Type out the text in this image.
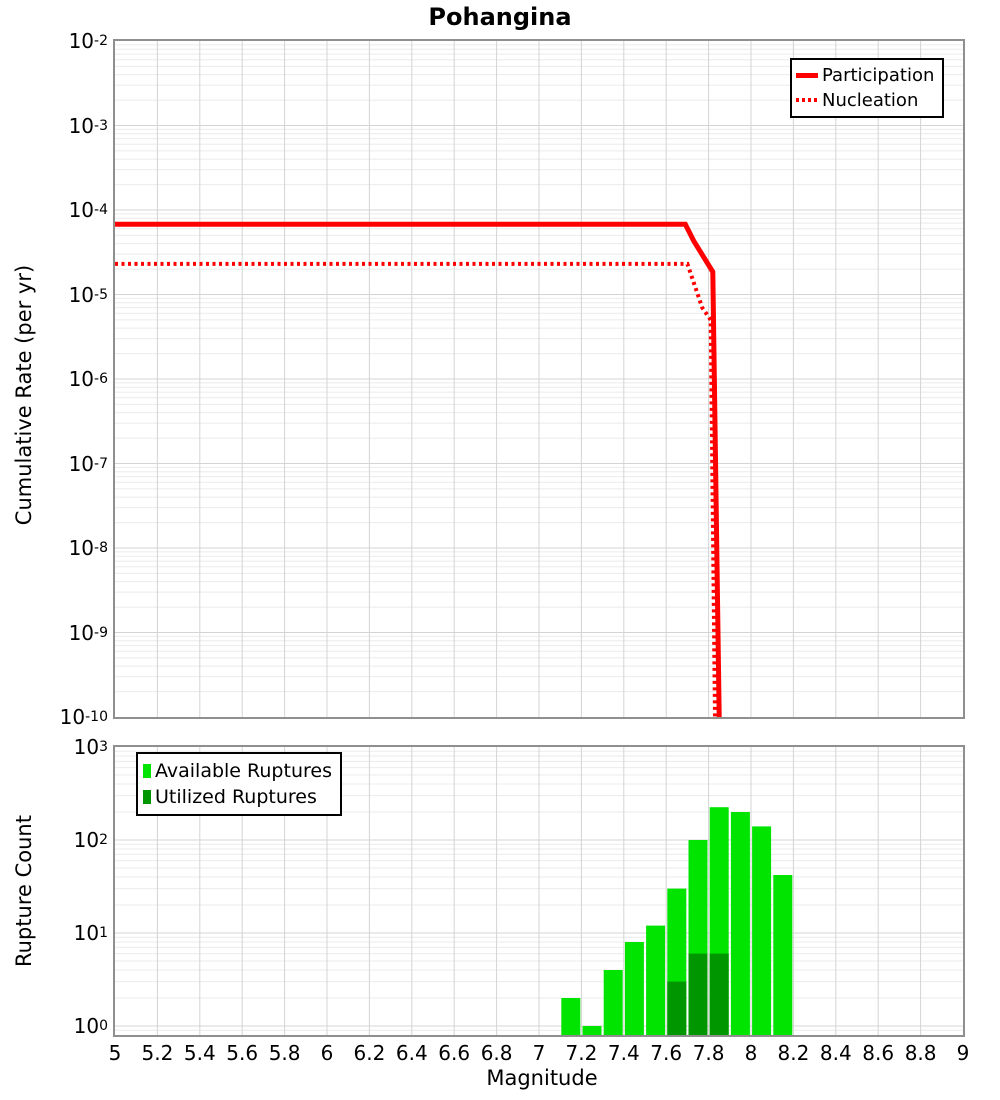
Pohangina
Cumulative Rate (per yr)
Rupture Count
Magnitude
10 -2
10 -3
10 -4
10 -5
10 -6
10 -7
10 -8
10 -9
10 -10
10 3
10 2
10 1
10 0
5	5.2 5.4 5.6 5.8	6	6.2 6.4 6.6 6.8	7	7.2 7.4 7.6 7.8	8	8.2 8.4 8.6 8.8	9
Participation
Nucleation
Available Ruptures
Utilized Ruptures
